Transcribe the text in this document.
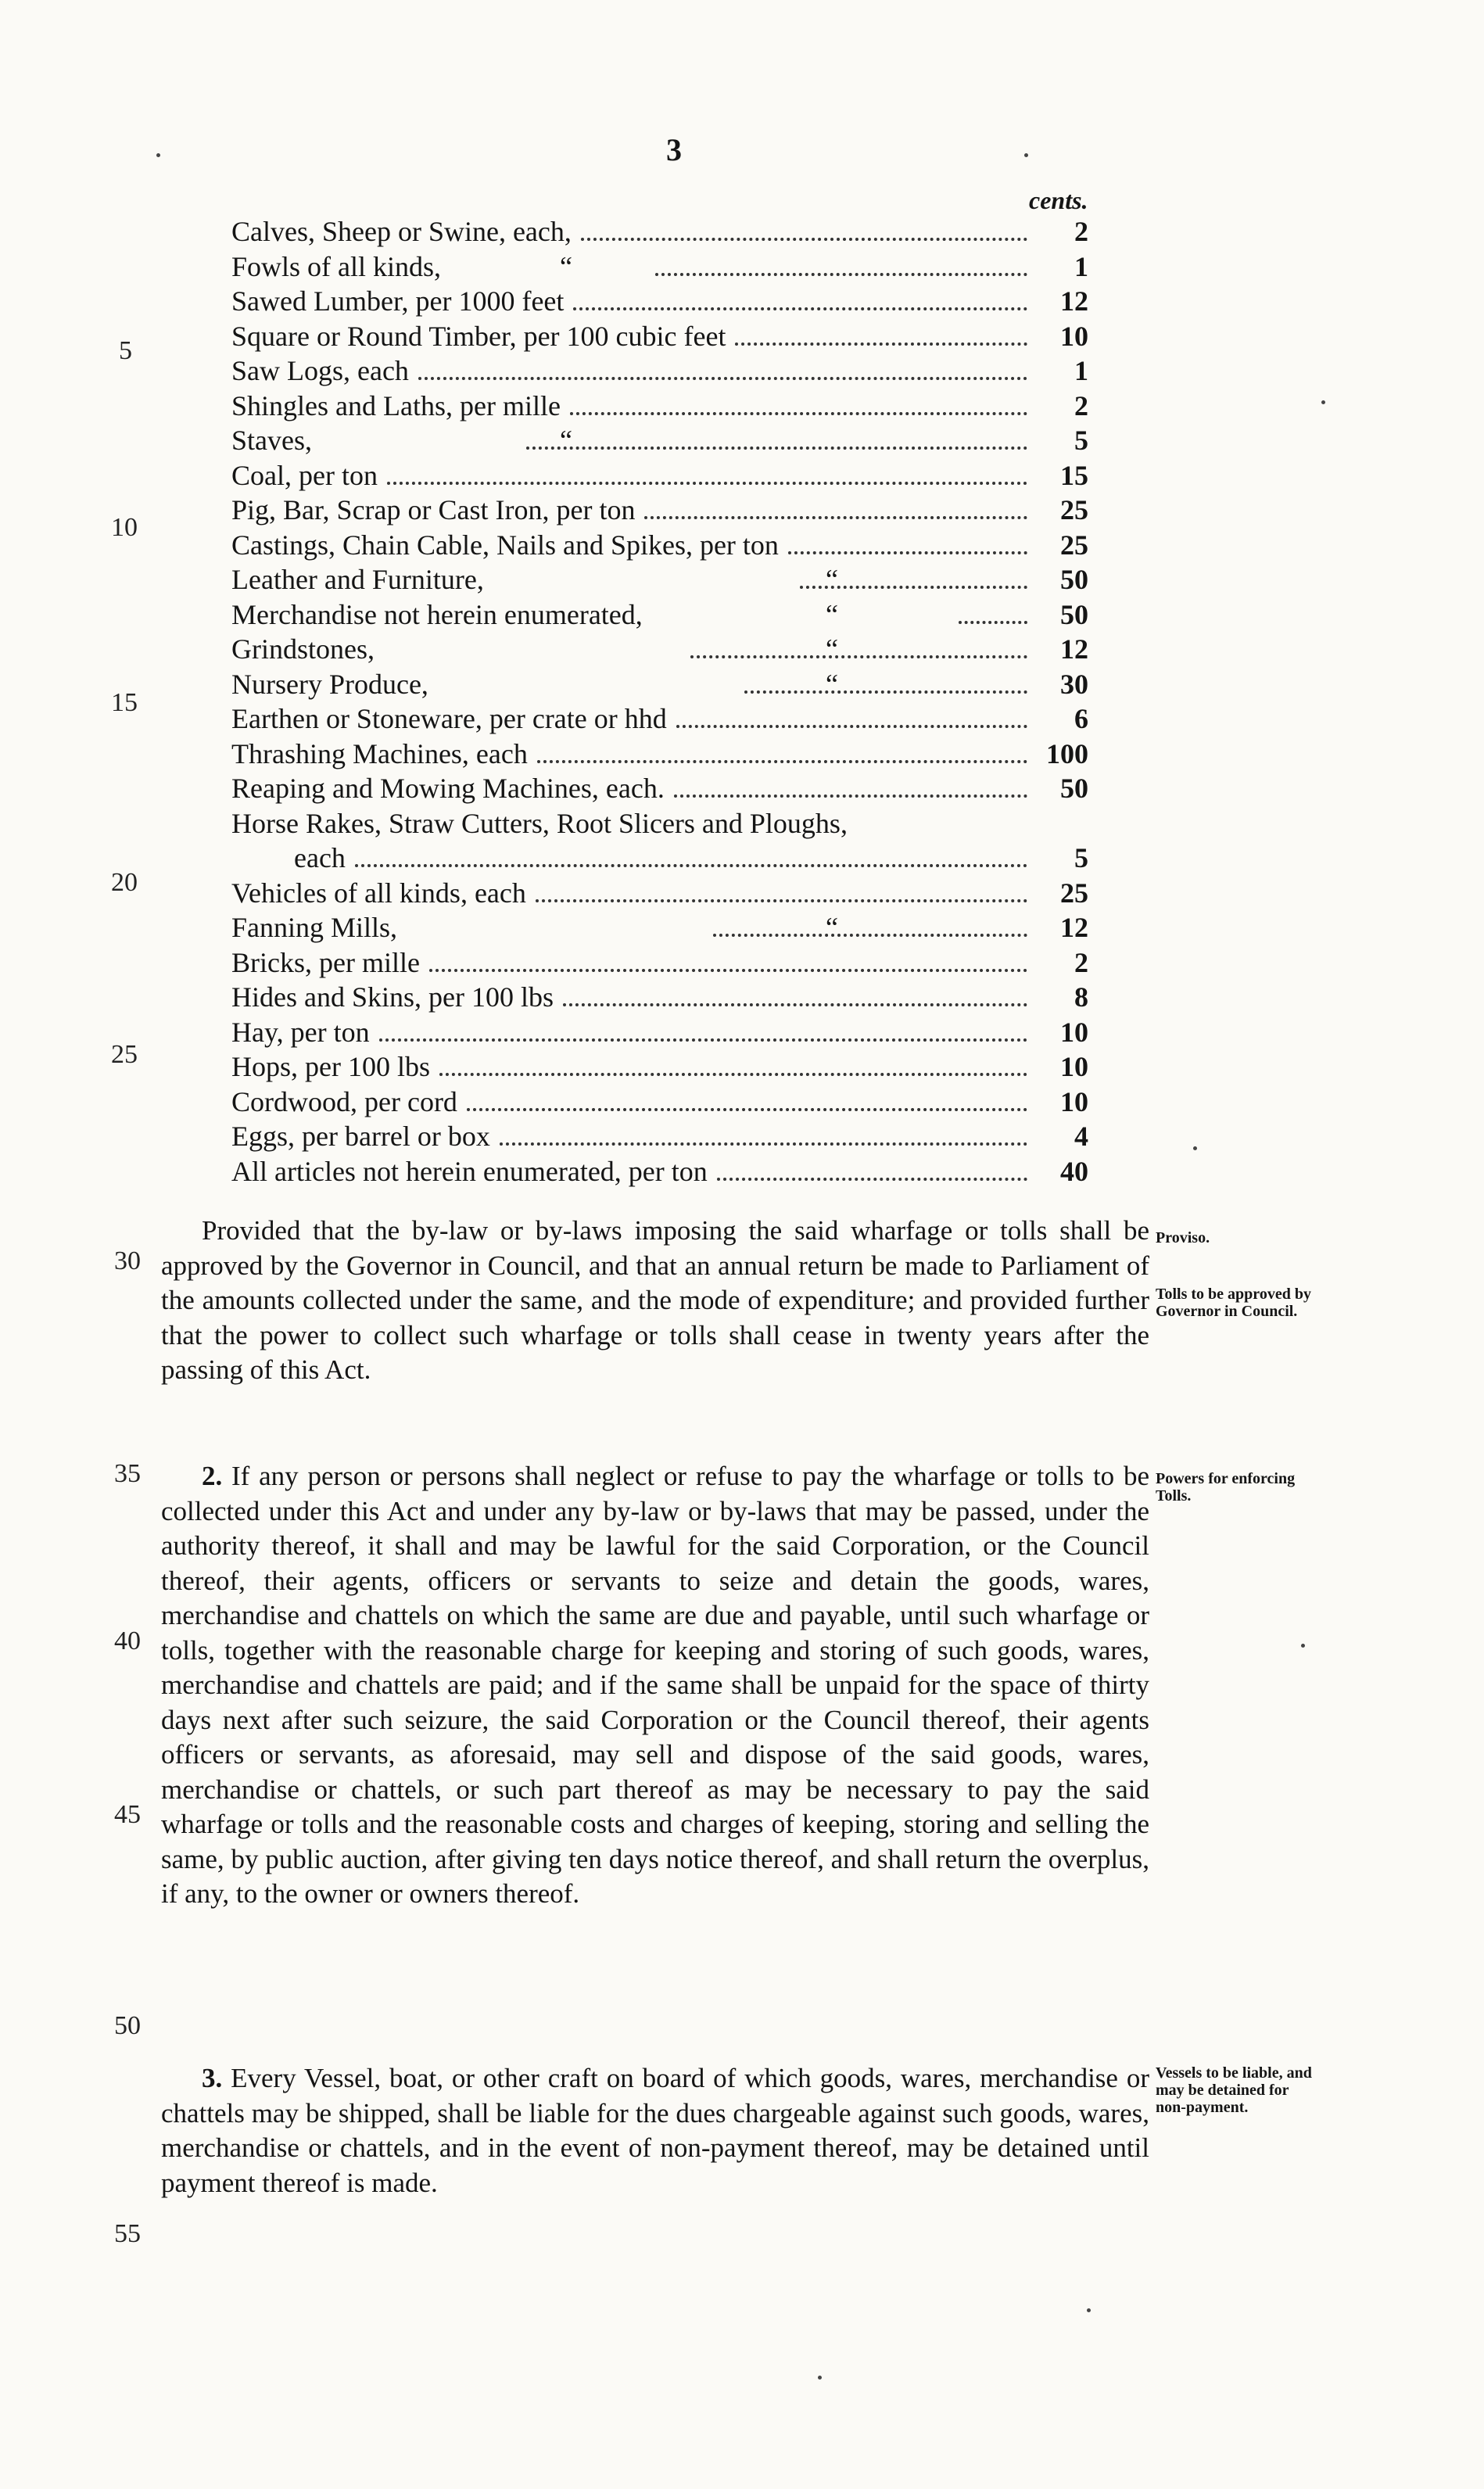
3
cents.
Calves, Sheep or Swine, each,	2
Fowls of all kinds,	“	1
Sawed Lumber, per 1000 feet	12
Square or Round Timber, per 100 cubic feet	10
Saw Logs, each	1
Shingles and Laths, per mille	2
Staves,	“	5
Coal, per ton	15
Pig, Bar, Scrap or Cast Iron, per ton	25
Castings, Chain Cable, Nails and Spikes, per ton	25
Leather and Furniture,	“	50
Merchandise not herein enumerated,	“	50
Grindstones,	“	12
Nursery Produce,	“	30
Earthen or Stoneware, per crate or hhd	6
Thrashing Machines, each	100
Reaping and Mowing Machines, each.	50
Horse Rakes, Straw Cutters, Root Slicers and Ploughs,
each	5
Vehicles of all kinds, each	25
Fanning Mills,	“	12
Bricks, per mille	2
Hides and Skins, per 100 lbs	8
Hay, per ton	10
Hops, per 100 lbs	10
Cordwood, per cord	10
Eggs, per barrel or box	4
All articles not herein enumerated, per ton	40
5
10
15
20
25
30
35
40
45
50
55
Provided that the by-law or by-laws imposing the said wharfage or tolls shall be approved by the Governor in Council, and that an annual return be made to Parliament of the amounts collected under the same, and the mode of expenditure; and provided further that the power to collect such wharfage or tolls shall cease in twenty years after the passing of this Act.
Proviso.
Tolls to be approved by Governor in Council.
2. If any person or persons shall neglect or refuse to pay the wharfage or tolls to be collected under this Act and under any by-law or by-laws that may be passed, under the authority thereof, it shall and may be lawful for the said Corporation, or the Council thereof, their agents, officers or servants to seize and detain the goods, wares, merchandise and chattels on which the same are due and payable, until such wharfage or tolls, together with the reasonable charge for keeping and storing of such goods, wares, merchandise and chattels are paid; and if the same shall be unpaid for the space of thirty days next after such seizure, the said Corporation or the Council thereof, their agents officers or servants, as aforesaid, may sell and dispose of the said goods, wares, merchandise or chattels, or such part thereof as may be necessary to pay the said wharfage or tolls and the reasonable costs and charges of keeping, storing and selling the same, by public auction, after giving ten days notice thereof, and shall return the overplus, if any, to the owner or owners thereof.
Powers for enforcing Tolls.
3. Every Vessel, boat, or other craft on board of which goods, wares, merchandise or chattels may be shipped, shall be liable for the dues chargeable against such goods, wares, merchandise or chattels, and in the event of non-payment thereof, may be detained until payment thereof is made.
Vessels to be liable, and may be detained for non-payment.
